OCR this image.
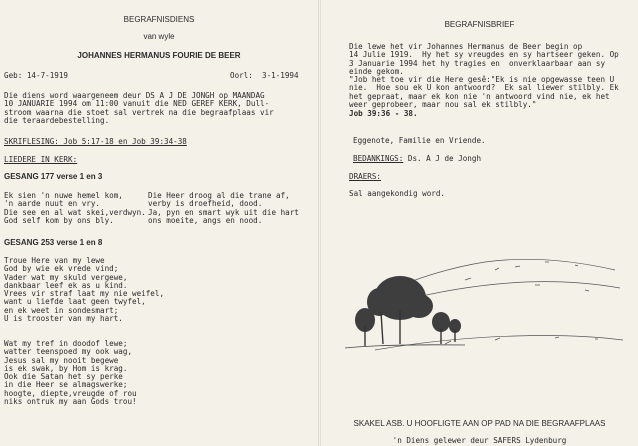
BEGRAFNISDIENS
van wyle
JOHANNES HERMANUS FOURIE DE BEER
Geb: 14-7-1919	Oorl:  3-1-1994
Die diens word waargeneem deur DS A J DE JONGH op MAANDAG
10 JANUARIE 1994 om 11:00 vanuit die NED GEREF KERK, Dull-
stroom waarna die stoet sal vertrek na die begraafplaas vir
die teraardebestelling.
SKRIFLESING: Job 5:17-18 en Job 39:34-38
LIEDERE IN KERK:
GESANG 177 verse 1 en 3
Ek sien 'n nuwe hemel kom,
'n aarde nuut en vry.
Die see en al wat skei,verdwyn.
God self kom by ons bly.
Die Heer droog al die trane af,
verby is droefheid, dood.
Ja, pyn en smart wyk uit die hart
ons moeite, angs en nood.
GESANG 253 verse 1 en 8
Troue Here van my lewe
God by wie ek vrede vind;
Vader wat my skuld vergewe,
dankbaar leef ek as u kind.
Vrees vir straf laat my nie weifel,
want u liefde laat geen twyfel,
en ek weet in sondesmart;
U is trooster van my hart.
Wat my tref in doodof lewe;
watter teenspoed my ook wag,
Jesus sal my nooit begewe
is ek swak, by Hom is krag.
Ook die Satan het sy perke
in die Heer se almagswerke;
hoogte, diepte,vreugde of rou
niks ontruk my aan Gods trou!
BEGRAFNISBRIEF
Die lewe het vir Johannes Hermanus de Beer begin op
14 Julie 1919.  Hy het sy vreugdes en sy hartseer geken. Op
3 Januarie 1994 het hy tragies en  onverklaarbaar aan sy
einde gekom.
"Job het toe vir die Here gesê:"Ek is nie opgewasse teen U
nie.  Hoe sou ek U kon antwoord?  Ek sal liewer stilbly. Ek
het gepraat, maar ek kon nie 'n antwoord vind nie, ek het
weer geprobeer, maar nou sal ek stilbly."
Job 39:36 - 38.
Eggenote, Familie en Vriende.
BEDANKINGS: Ds. A J de Jongh
DRAERS:
Sal aangekondig word.
SKAKEL ASB. U HOOFLIGTE AAN OP PAD NA DIE BEGRAAFPLAAS
'n Diens gelewer deur SAFERS Lydenburg
